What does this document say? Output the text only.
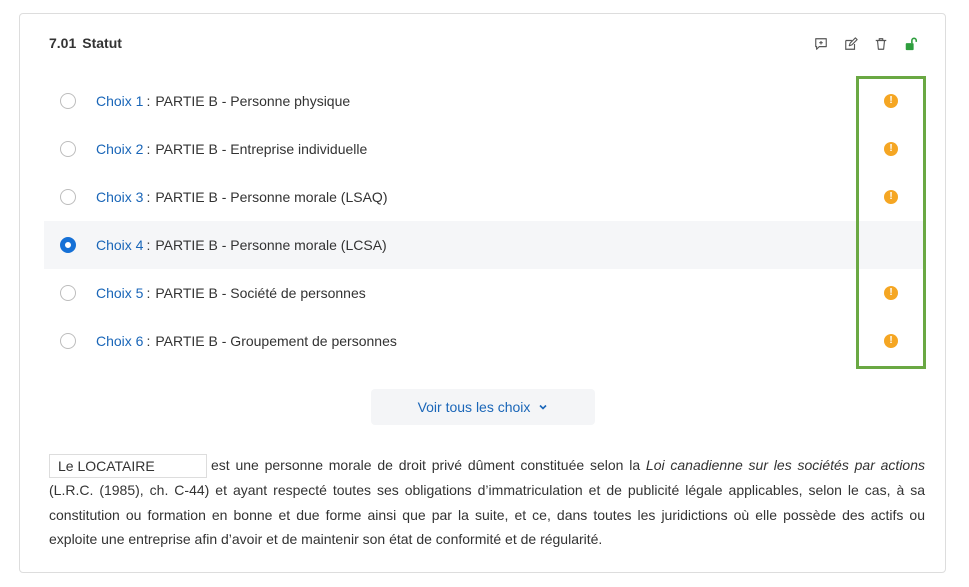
7.01 Statut
Choix 1 : PARTIE B - Personne physique	!
Choix 2 : PARTIE B - Entreprise individuelle	!
Choix 3 : PARTIE B - Personne morale (LSAQ)	!
Choix 4 : PARTIE B - Personne morale (LCSA)
Choix 5 : PARTIE B - Société de personnes	!
Choix 6 : PARTIE B - Groupement de personnes	!
Voir tous les choix
Le LOCATAIREest une personne morale de droit privé dûment constituée selon la Loi canadienne sur les sociétés par actions (L.R.C. (1985), ch. C-44) et ayant respecté toutes ses obligations d’immatriculation et de publicité légale applicables, selon le cas, à sa constitution ou formation en bonne et due forme ainsi que par la suite, et ce, dans toutes les juridictions où elle possède des actifs ou exploite une entreprise afin d’avoir et de maintenir son état de conformité et de régularité.
